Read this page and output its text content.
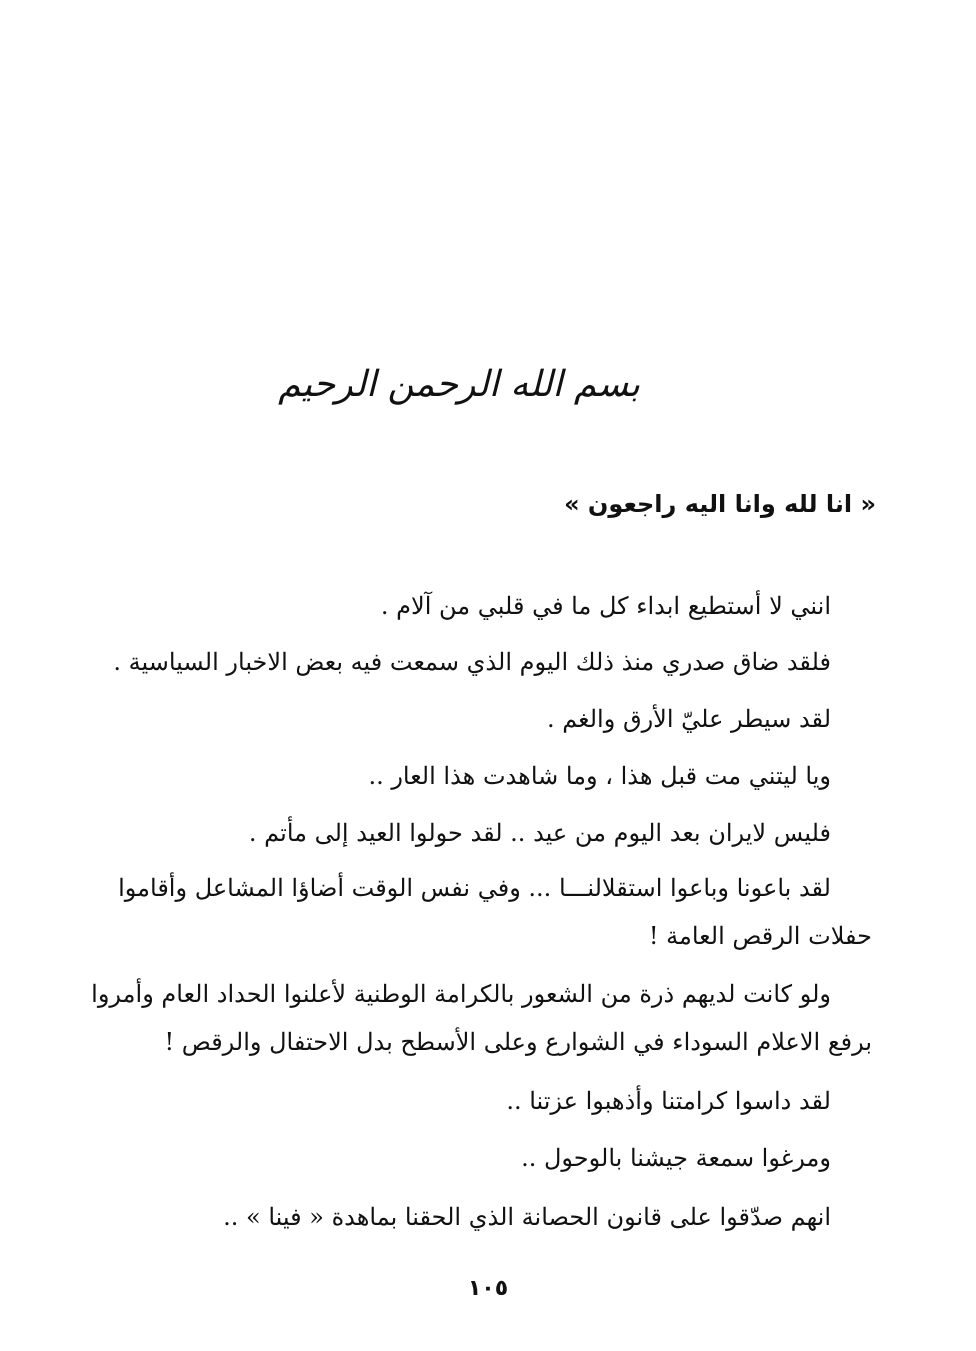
بسم الله الرحمن الرحيم
« انا لله وانا اليه راجعون »
انني لا أستطيع ابداء كل ما في قلبي من آلام .
فلقد ضاق صدري منذ ذلك اليوم الذي سمعت فيه بعض الاخبار السياسية .
لقد سيطر عليّ الأرق والغم .
ويا ليتني مت قبل هذا ، وما شاهدت هذا العار ..
فليس لايران بعد اليوم من عيد .. لقد حولوا العيد إلى مأتم .
لقد باعونا وباعوا استقلالنـــا ... وفي نفس الوقت أضاؤا المشاعل وأقاموا
حفلات الرقص العامة !
ولو كانت لديهم ذرة من الشعور بالكرامة الوطنية لأعلنوا الحداد العام وأمروا
برفع الاعلام السوداء في الشوارع وعلى الأسطح بدل الاحتفال والرقص !
لقد داسوا كرامتنا وأذهبوا عزتنا ..
ومرغوا سمعة جيشنا بالوحول ..
انهم صدّقوا على قانون الحصانة الذي الحقنا بماهدة « فينا » ..
١٠٥
